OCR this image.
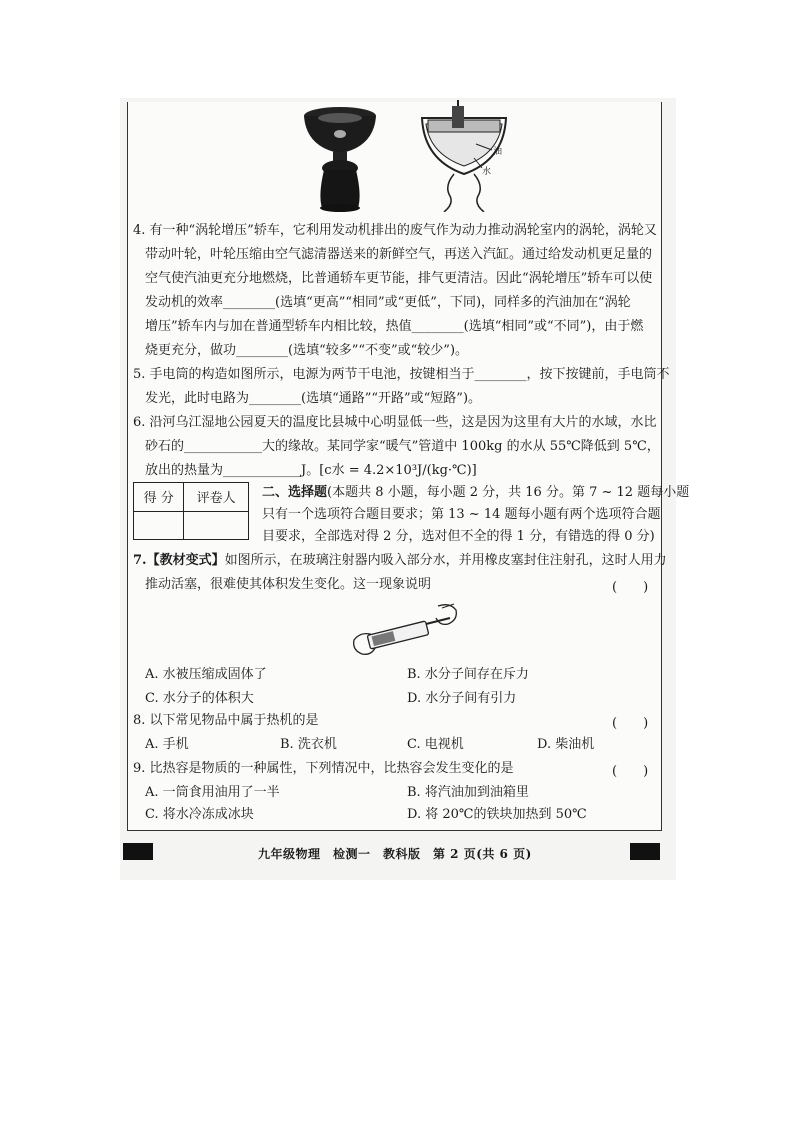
油
水
4. 有一种“涡轮增压”轿车，它利用发动机排出的废气作为动力推动涡轮室内的涡轮，涡轮又
带动叶轮，叶轮压缩由空气滤清器送来的新鲜空气，再送入汽缸。通过给发动机更足量的
空气使汽油更充分地燃烧，比普通轿车更节能，排气更清洁。因此“涡轮增压”轿车可以使
发动机的效率________(选填“更高”“相同”或“更低”，下同)，同样多的汽油加在“涡轮
增压”轿车内与加在普通型轿车内相比较，热值________(选填“相同”或“不同”)，由于燃
烧更充分，做功________(选填“较多”“不变”或“较少”)。
5. 手电筒的构造如图所示，电源为两节干电池，按键相当于________，按下按键前，手电筒不
发光，此时电路为________(选填“通路”“开路”或“短路”)。
6. 沿河乌江湿地公园夏天的温度比县城中心明显低一些，这是因为这里有大片的水域，水比
砂石的____________大的缘故。某同学家“暖气”管道中 100kg 的水从 55℃降低到 5℃，
放出的热量为____________J。[c水 = 4.2×10³J/(kg·℃)]
得 分	评卷人
	二、选择题(本题共 8 小题，每小题 2 分，共 16 分。第 7 ~ 12 题每小题
只有一个选项符合题目要求；第 13 ~ 14 题每小题有两个选项符合题
目要求，全部选对得 2 分，选对但不全的得 1 分，有错选的得 0 分)
7.【教材变式】如图所示，在玻璃注射器内吸入部分水，并用橡皮塞封住注射孔，这时人用力
推动活塞，很难使其体积发生变化。这一现象说明	(　　)
A. 水被压缩成固体了	B. 水分子间存在斥力
C. 水分子的体积大	D. 水分子间有引力
8. 以下常见物品中属于热机的是	(　　)
A. 手机	B. 洗衣机	C. 电视机	D. 柴油机
9. 比热容是物质的一种属性，下列情况中，比热容会发生变化的是	(　　)
A. 一筒食用油用了一半	B. 将汽油加到油箱里
C. 将水冷冻成冰块	D. 将 20℃的铁块加热到 50℃
九年级物理　检测一　教科版　第 2 页(共 6 页)
